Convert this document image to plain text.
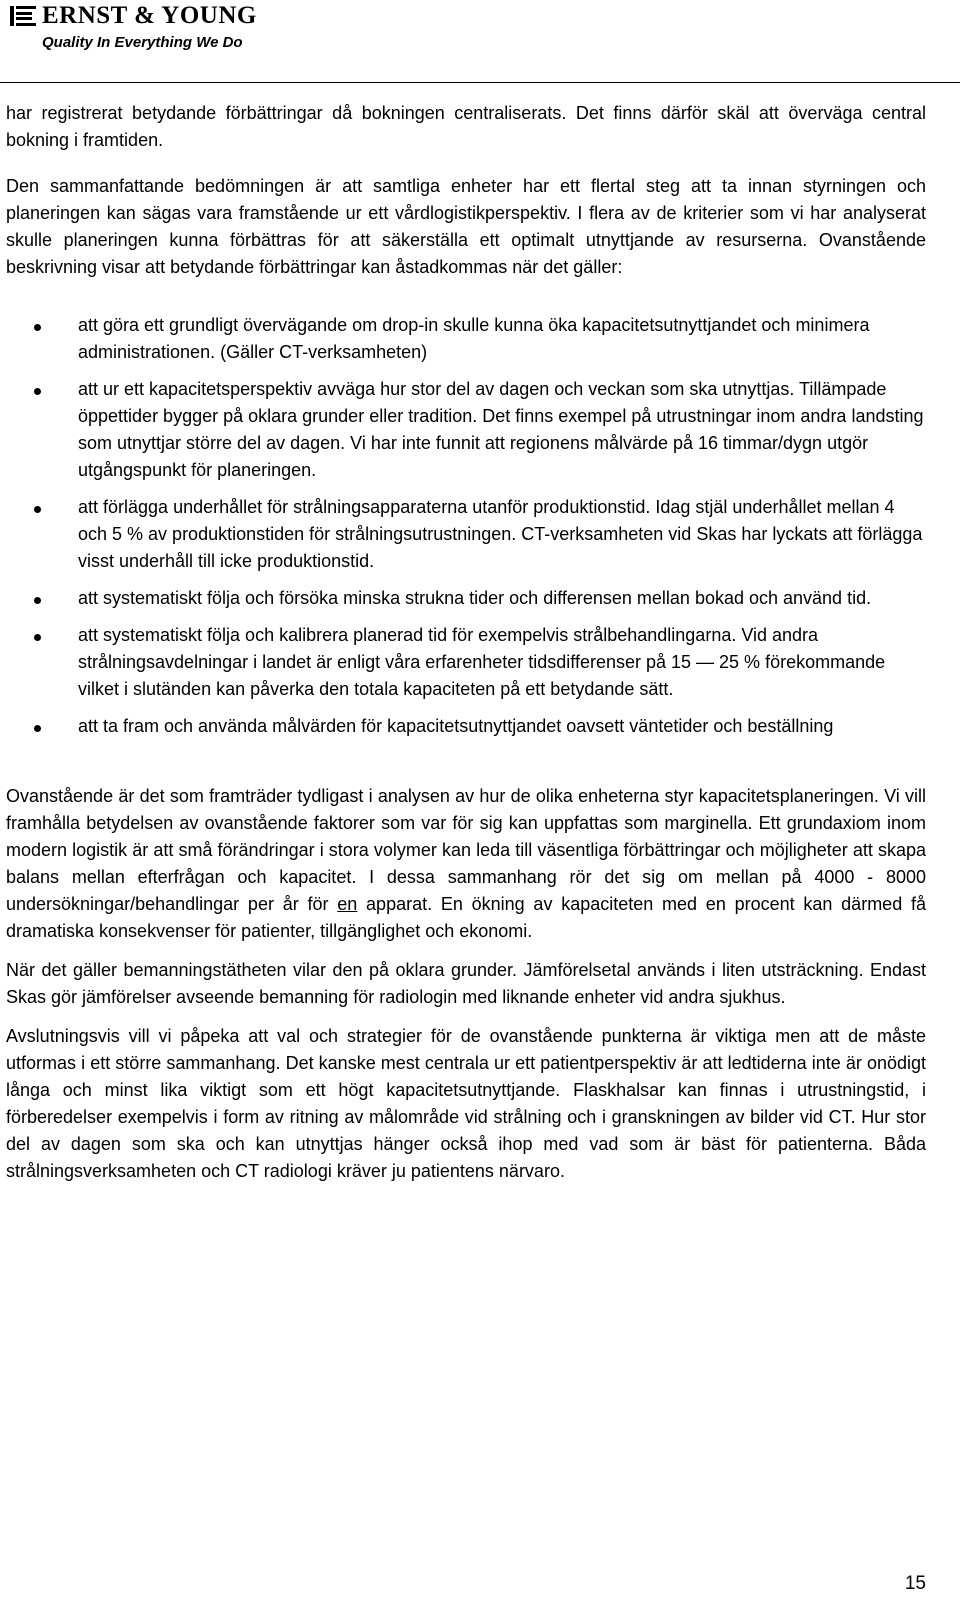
ERNST & YOUNG
Quality In Everything We Do

har registrerat betydande förbättringar då bokningen centraliserats. Det finns därför skäl att överväga central bokning i framtiden.

Den sammanfattande bedömningen är att samtliga enheter har ett flertal steg att ta innan styrningen och planeringen kan sägas vara framstående ur ett vårdlogistikperspektiv. I flera av de kriterier som vi har analyserat skulle planeringen kunna förbättras för att säkerställa ett optimalt utnyttjande av resurserna. Ovanstående beskrivning visar att betydande förbättringar kan åstadkommas när det gäller:

att göra ett grundligt övervägande om drop-in skulle kunna öka kapacitetsutnyttjandet och minimera administrationen. (Gäller CT-verksamheten)
att ur ett kapacitetsperspektiv avväga hur stor del av dagen och veckan som ska utnyttjas. Tillämpade öppettider bygger på oklara grunder eller tradition. Det finns exempel på utrustningar inom andra landsting som utnyttjar större del av dagen. Vi har inte funnit att regionens målvärde på 16 timmar/dygn utgör utgångspunkt för planeringen.
att förlägga underhållet för strålningsapparaterna utanför produktionstid. Idag stjäl underhållet mellan 4 och 5 % av produktionstiden för strålningsutrustningen. CT-verksamheten vid Skas har lyckats att förlägga visst underhåll till icke produktionstid.
att systematiskt följa och försöka minska strukna tider och differensen mellan bokad och använd tid.
att systematiskt följa och kalibrera planerad tid för exempelvis strålbehandlingarna. Vid andra strålningsavdelningar i landet är enligt våra erfarenheter tidsdifferenser på 15 — 25 % förekommande vilket i slutänden kan påverka den totala kapaciteten på ett betydande sätt.
att ta fram och använda målvärden för kapacitetsutnyttjandet oavsett väntetider och beställning

Ovanstående är det som framträder tydligast i analysen av hur de olika enheterna styr kapacitetsplaneringen. Vi vill framhålla betydelsen av ovanstående faktorer som var för sig kan uppfattas som marginella. Ett grundaxiom inom modern logistik är att små förändringar i stora volymer kan leda till väsentliga förbättringar och möjligheter att skapa balans mellan efterfrågan och kapacitet. I dessa sammanhang rör det sig om mellan på 4000 - 8000 undersökningar/behandlingar per år för en apparat. En ökning av kapaciteten med en procent kan därmed få dramatiska konsekvenser för patienter, tillgänglighet och ekonomi.

När det gäller bemanningstätheten vilar den på oklara grunder. Jämförelsetal används i liten utsträckning. Endast Skas gör jämförelser avseende bemanning för radiologin med liknande enheter vid andra sjukhus.

Avslutningsvis vill vi påpeka att val och strategier för de ovanstående punkterna är viktiga men att de måste utformas i ett större sammanhang. Det kanske mest centrala ur ett patientperspektiv är att ledtiderna inte är onödigt långa och minst lika viktigt som ett högt kapacitetsutnyttjande. Flaskhalsar kan finnas i utrustningstid, i förberedelser exempelvis i form av ritning av målområde vid strålning och i granskningen av bilder vid CT. Hur stor del av dagen som ska och kan utnyttjas hänger också ihop med vad som är bäst för patienterna. Båda strålningsverksamheten och CT radiologi kräver ju patientens närvaro.

15
